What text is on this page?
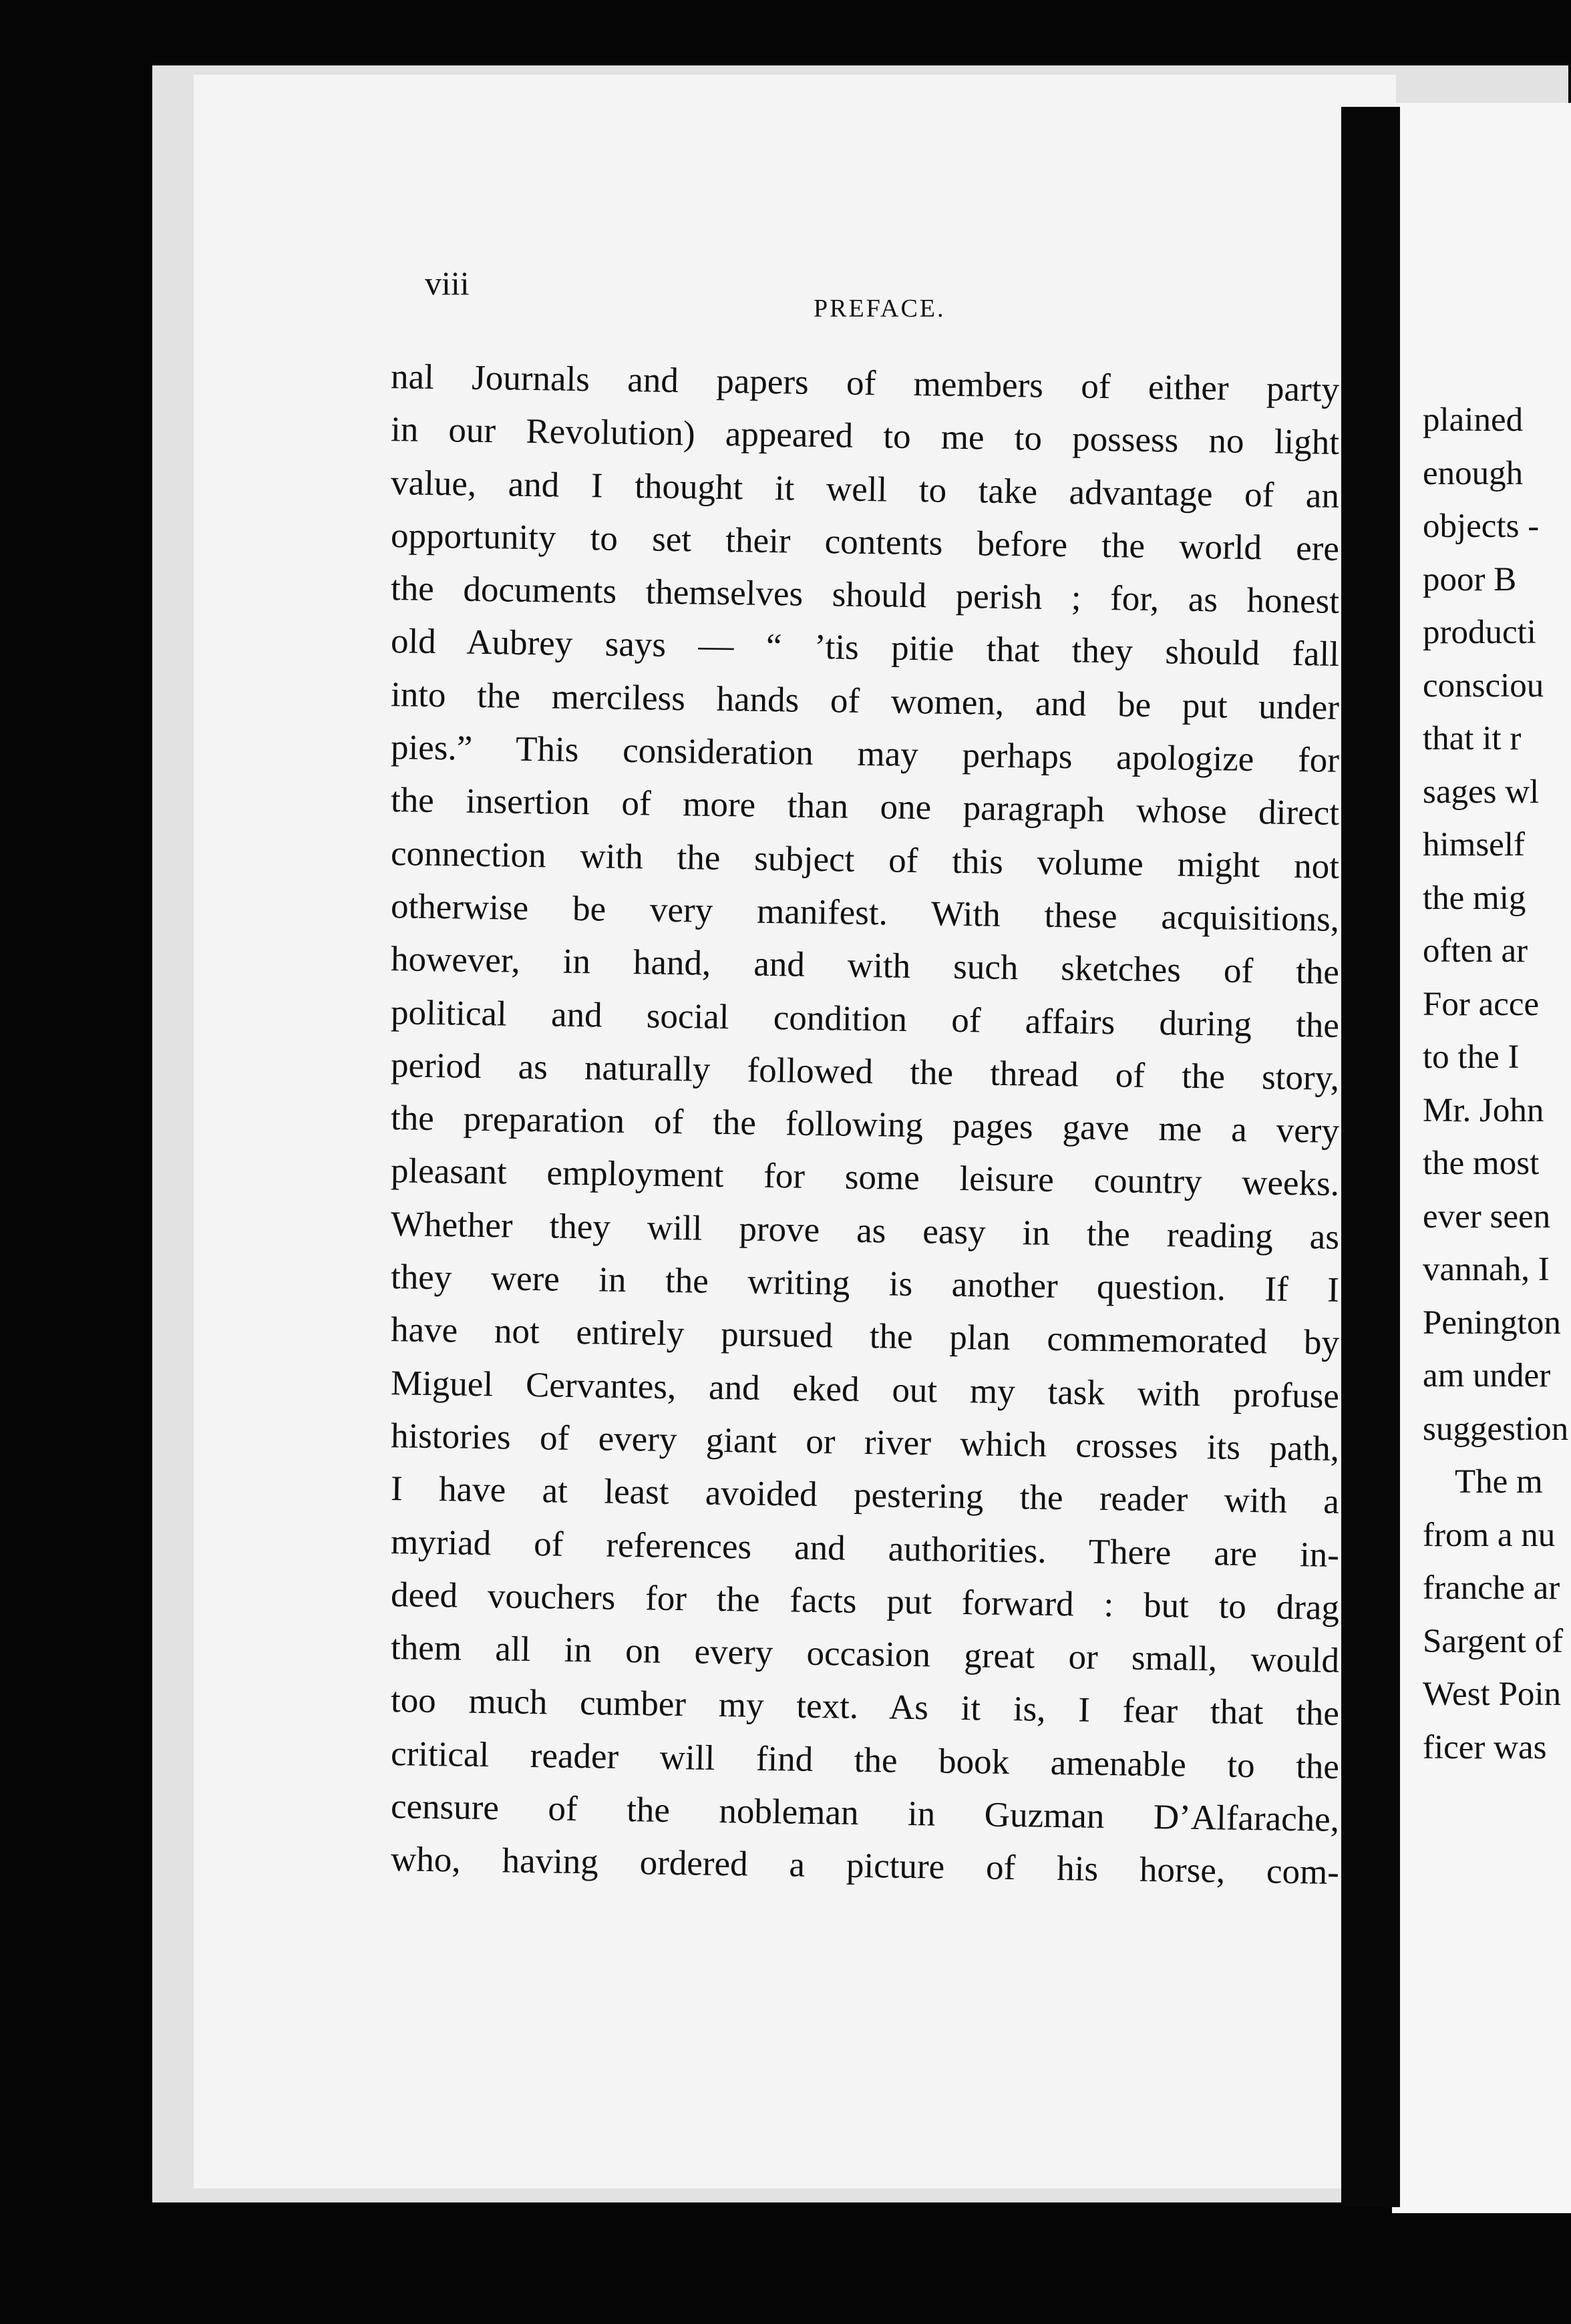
viii
PREFACE.
nal Journals and papers of members of either party
in our Revolution) appeared to me to possess no light
value, and I thought it well to take advantage of an
opportunity to set their contents before the world ere
the documents themselves should perish ; for, as honest
old Aubrey says — “ ’tis pitie that they should fall
into the merciless hands of women, and be put under
pies.” This consideration may perhaps apologize for
the insertion of more than one paragraph whose direct
connection with the subject of this volume might not
otherwise be very manifest. With these acquisitions,
however, in hand, and with such sketches of the
political and social condition of affairs during the
period as naturally followed the thread of the story,
the preparation of the following pages gave me a very
pleasant employment for some leisure country weeks.
Whether they will prove as easy in the reading as
they were in the writing is another question. If I
have not entirely pursued the plan commemorated by
Miguel Cervantes, and eked out my task with profuse
histories of every giant or river which crosses its path,
I have at least avoided pestering the reader with a
myriad of references and authorities. There are in-
deed vouchers for the facts put forward : but to drag
them all in on every occasion great or small, would
too much cumber my text. As it is, I fear that the
critical reader will find the book amenable to the
censure of the nobleman in Guzman D’Alfarache,
who, having ordered a picture of his horse, com-
plained
enough
objects -
poor B
producti
consciou
that it r
sages wl
himself
the mig
often ar
For acce
to the I
Mr. John
the most
ever seen
vannah, I
Penington
am under
suggestion
The m
from a nu
franche ar
Sargent of
West Poin
ficer was
